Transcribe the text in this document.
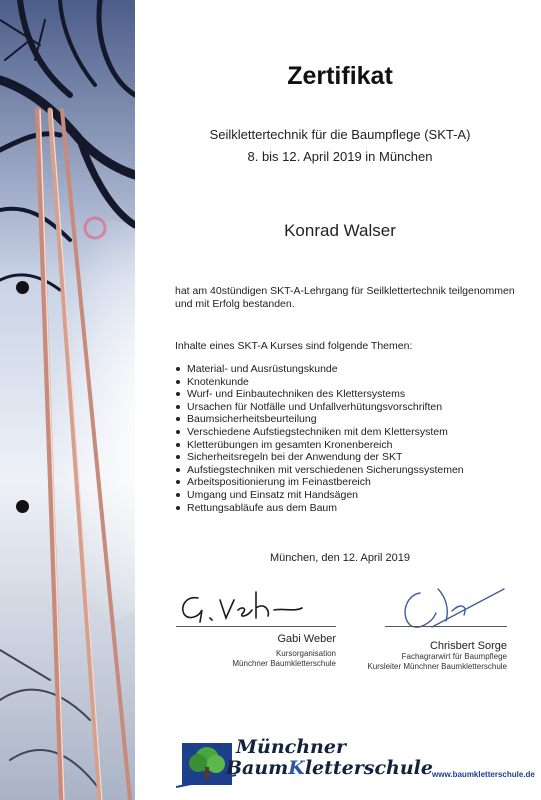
Zertifikat
Seilklettertechnik für die Baumpflege (SKT-A)
8. bis 12. April 2019 in München
Konrad Walser
hat am 40stündigen SKT-A-Lehrgang für Seilklettertechnik teilgenommen und mit Erfolg bestanden.
Inhalte eines SKT-A Kurses sind folgende Themen:
Material- und Ausrüstungskunde
Knotenkunde
Wurf- und Einbautechniken des Klettersystems
Ursachen für Notfälle und Unfallverhütungsvorschriften
Baumsicherheitsbeurteilung
Verschiedene Aufstiegstechniken mit dem Klettersystem
Kletterübungen im gesamten Kronenbereich
Sicherheitsregeln bei der Anwendung der SKT
Aufstiegstechniken mit verschiedenen Sicherungssystemen
Arbeitspositionierung im Feinastbereich
Umgang und Einsatz mit Handsägen
Rettungsabläufe aus dem Baum
München, den 12. April 2019
Gabi Weber
Kursorganisation
Münchner Baumkletterschule
Chrisbert Sorge
Fachagrarwirt für Baumpflege
Kursleiter Münchner Baumkletterschule
Münchner
BaumKletterschule www.baumkletterschule.de
